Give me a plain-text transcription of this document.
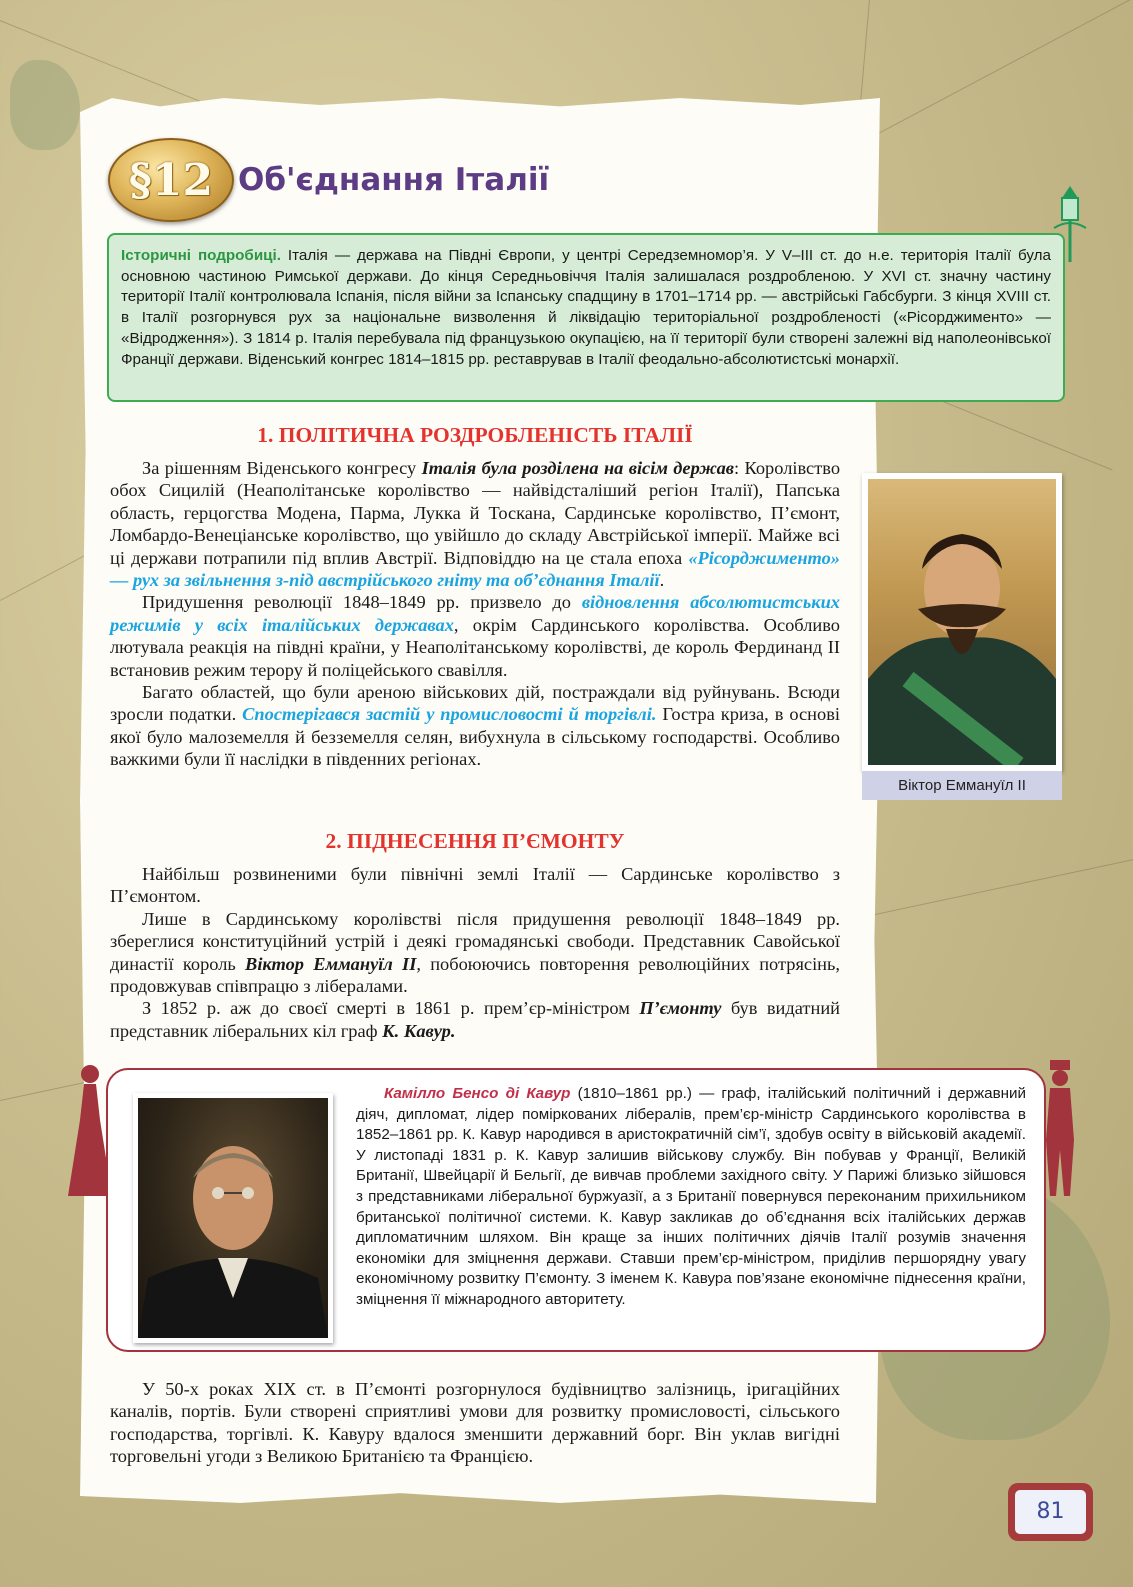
§12 Об'єднання Італії
Історичні подробиці. Італія — держава на Півдні Європи, у центрі Середземномор’я. У V–III ст. до н.е. територія Італії була основною частиною Римської держави. До кінця Середньовіччя Італія залишалася роздробленою. У XVI ст. значну частину території Італії контролювала Іспанія, після війни за Іспанську спадщину в 1701–1714 рр. — австрійські Габсбурги. З кінця XVIII ст. в Італії розгорнувся рух за національне визволення й ліквідацію територіальної роздробленості («Рісорджименто» — «Відродження»). З 1814 р. Італія перебувала під французькою окупацією, на її території були створені залежні від наполеонівської Франції держави. Віденський конгрес 1814–1815 рр. реставрував в Італії феодально-абсолютистські монархії.
1. ПОЛІТИЧНА РОЗДРОБЛЕНІСТЬ ІТАЛІЇ

За рішенням Віденського конгресу Італія була розділена на вісім держав: Королівство обох Сицилій (Неаполітанське королівство — найвідсталіший регіон Італії), Папська область, герцогства Модена, Парма, Лукка й Тоскана, Сардинське королівство, П’ємонт, Ломбардо-Венеціанське королівство, що увійшло до складу Австрійської імперії. Майже всі ці держави потрапили під вплив Австрії. Відповіддю на це стала епоха «Рісорджименто» — рух за звільнення з-під австрійського гніту та об’єднання Італії.

Придушення революції 1848–1849 рр. призвело до відновлення абсолютистських режимів у всіх італійських державах, окрім Сардинського королівства. Особливо лютувала реакція на півдні країни, у Неаполітанському королівстві, де король Фердинанд II встановив режим терору й поліцейського свавілля.

Багато областей, що були ареною військових дій, постраждали від руйнувань. Всюди зросли податки. Спостерігався застій у промисловості й торгівлі. Гостра криза, в основі якої було малоземелля й безземелля селян, вибухнула в сільському господарстві. Особливо важкими були її наслідки в південних регіонах.

Віктор Еммануїл II
2. ПІДНЕСЕННЯ П’ЄМОНТУ

Найбільш розвиненими були північні землі Італії — Сардинське королівство з П’ємонтом.

Лише в Сардинському королівстві після придушення революції 1848–1849 рр. збереглися конституційний устрій і деякі громадянські свободи. Представник Савойської династії король Віктор Еммануїл II, побоюючись повторення революційних потрясінь, продовжував співпрацю з лібералами.

З 1852 р. аж до своєї смерті в 1861 р. прем’єр-міністром П’ємонту був видатний представник ліберальних кіл граф К. Кавур.

Камілло Бенсо ді Кавур (1810–1861 рр.) — граф, італійський політичний і державний діяч, дипломат, лідер поміркованих лібералів, прем’єр-міністр Сардинського королівства в 1852–1861 рр. К. Кавур народився в аристократичній сім’ї, здобув освіту в військовій академії. У листопаді 1831 р. К. Кавур залишив військову службу. Він побував у Франції, Великій Британії, Швейцарії й Бельгії, де вивчав проблеми західного світу. У Парижі близько зійшовся з представниками ліберальної буржуазії, а з Британії повернувся переконаним прихильником британської політичної системи. К. Кавур закликав до об’єднання всіх італійських держав дипломатичним шляхом. Він краще за інших політичних діячів Італії розумів значення економіки для зміцнення держави. Ставши прем’єр-міністром, приділив першорядну увагу економічному розвитку П’ємонту. З іменем К. Кавура пов’язане економічне піднесення країни, зміцнення її міжнародного авторитету.

У 50-х роках XIX ст. в П’ємонті розгорнулося будівництво залізниць, іригаційних каналів, портів. Були створені сприятливі умови для розвитку промисловості, сільського господарства, торгівлі. К. Кавуру вдалося зменшити державний борг. Він уклав вигідні торговельні угоди з Великою Британією та Францією.

81
